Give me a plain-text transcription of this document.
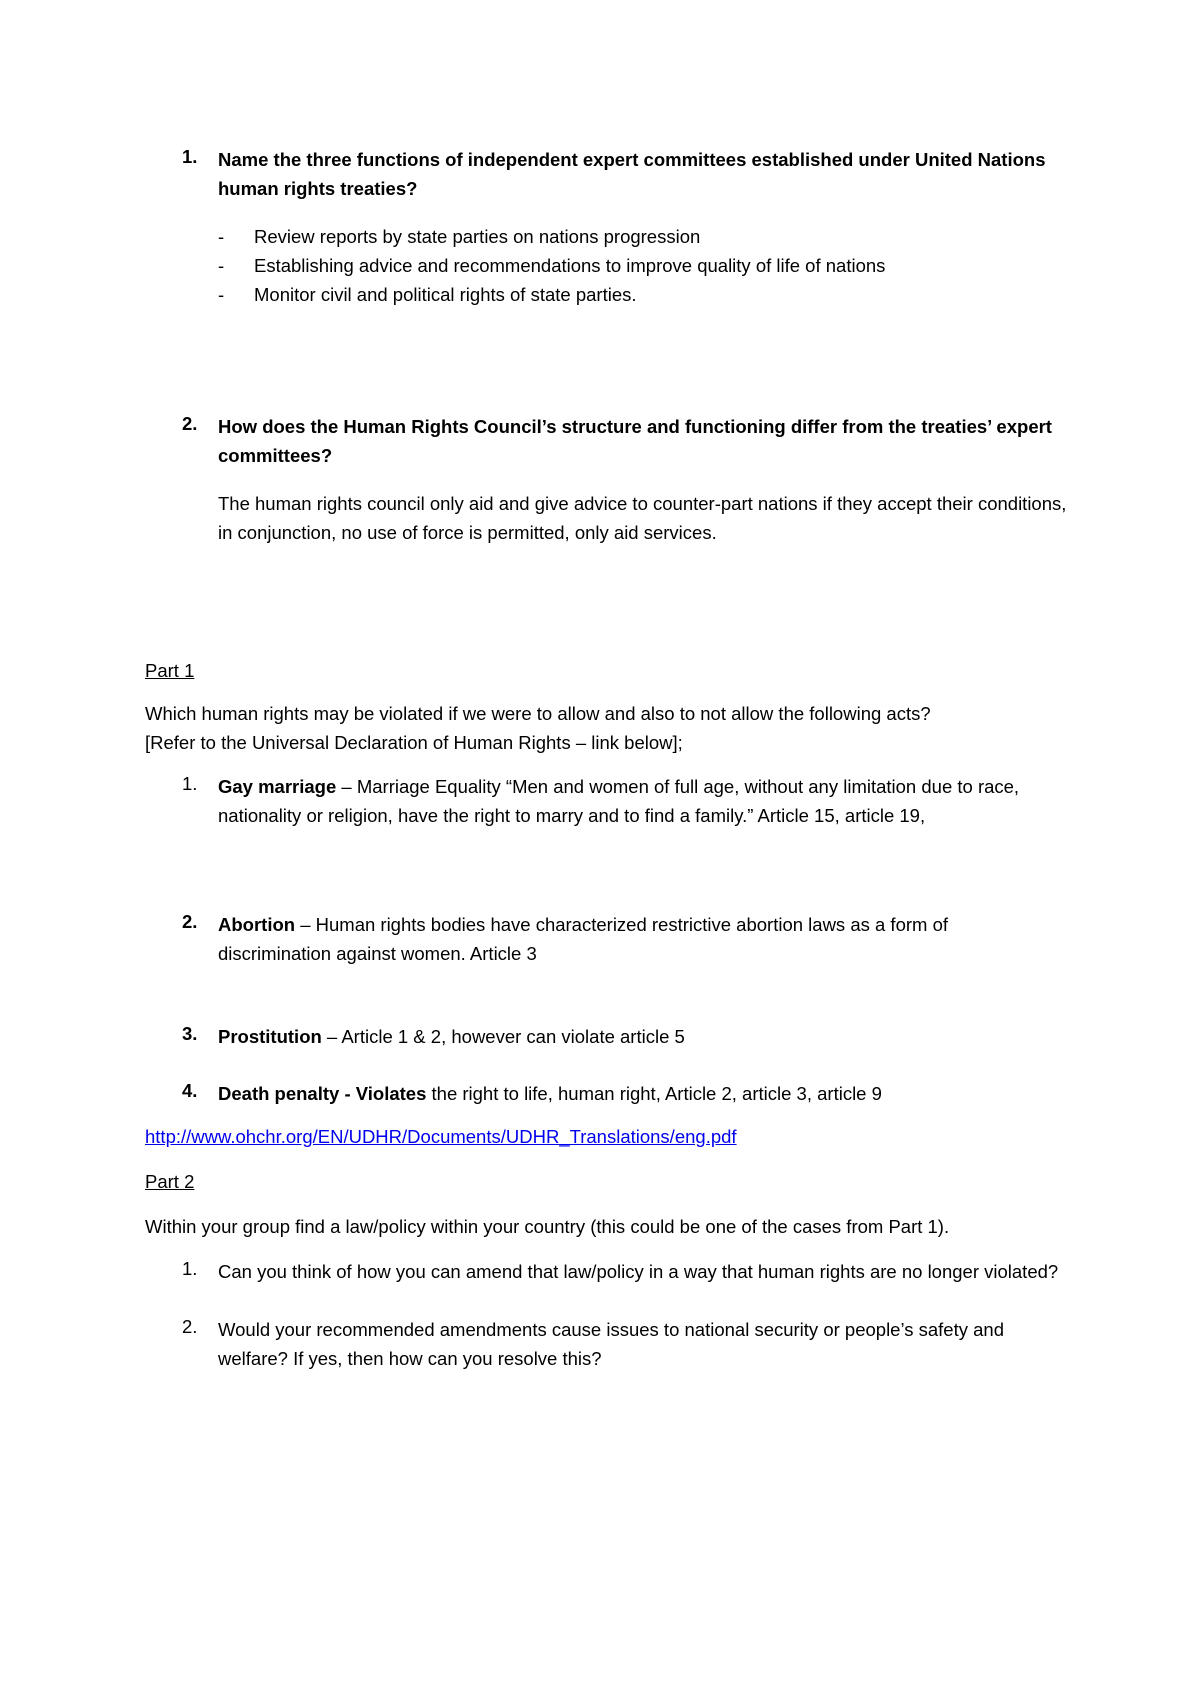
1.	Name the three functions of independent expert committees established under United Nations human rights treaties?
- Review reports by state parties on nations progression
- Establishing advice and recommendations to improve quality of life of nations
- Monitor civil and political rights of state parties.
2.	How does the Human Rights Council’s structure and functioning differ from the treaties’ expert committees?
The human rights council only aid and give advice to counter-part nations if they accept their conditions, in conjunction, no use of force is permitted, only aid services.
Part 1
Which human rights may be violated if we were to allow and also to not allow the following acts?
[Refer to the Universal Declaration of Human Rights – link below];
1.	Gay marriage – Marriage Equality “Men and women of full age, without any limitation due to race, nationality or religion, have the right to marry and to find a family.” Article 15, article 19,
2.	Abortion – Human rights bodies have characterized restrictive abortion laws as a form of discrimination against women. Article 3
3.	Prostitution – Article 1 & 2, however can violate article 5
4.	Death penalty - Violates the right to life, human right, Article 2, article 3, article 9
http://www.ohchr.org/EN/UDHR/Documents/UDHR_Translations/eng.pdf
Part 2
Within your group find a law/policy within your country (this could be one of the cases from Part 1).
1.	Can you think of how you can amend that law/policy in a way that human rights are no longer violated?
2.	Would your recommended amendments cause issues to national security or people’s safety and welfare? If yes, then how can you resolve this?
